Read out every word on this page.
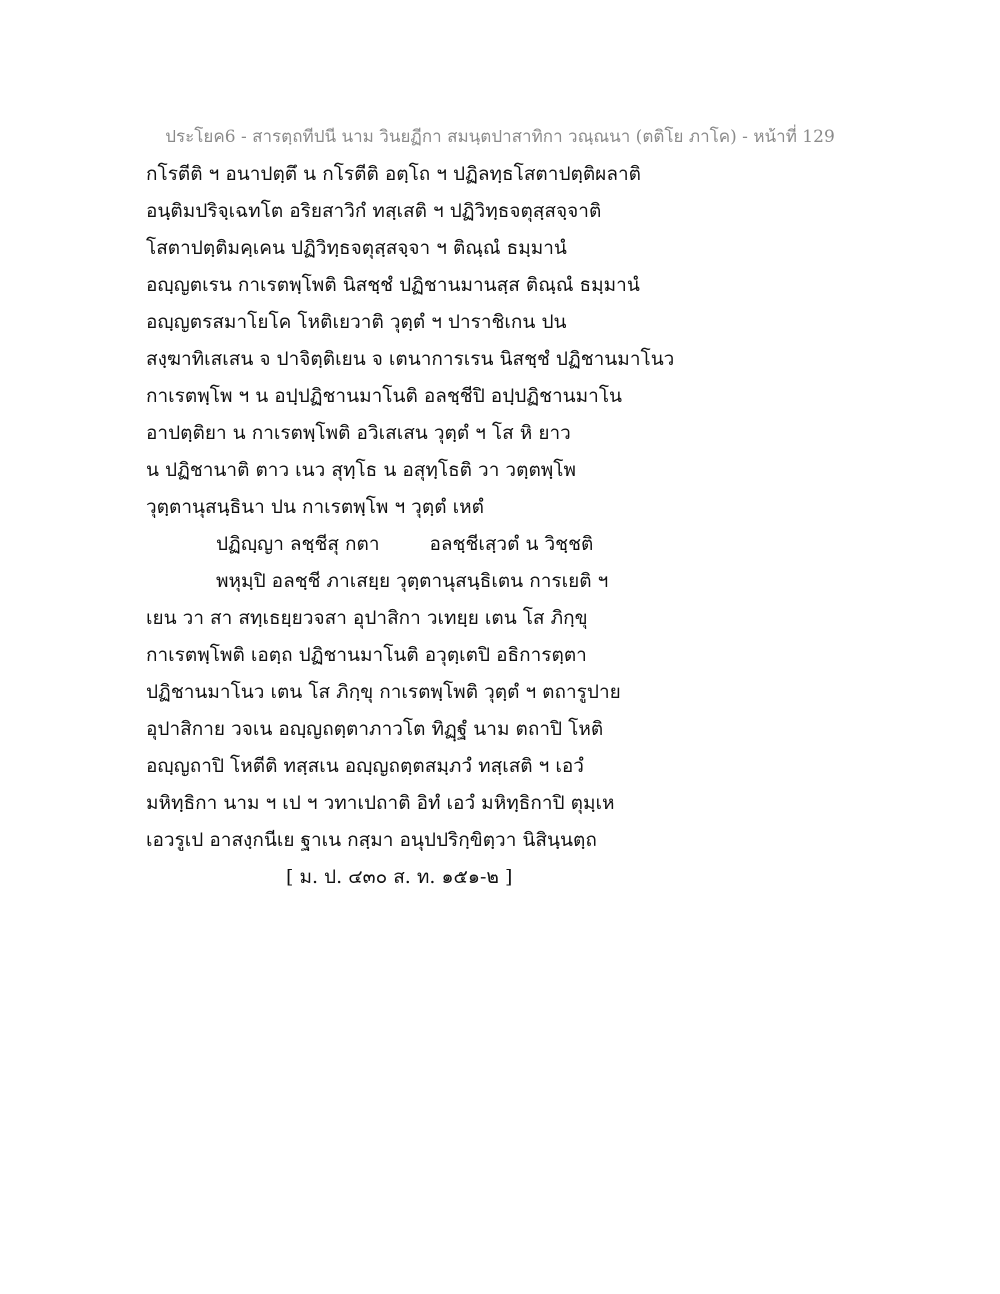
ประโยค6 - สารตฺถทีปนี นาม วินยฏีกา สมนฺตปาสาทิกา วณฺณนา (ตติโย ภาโค) - หน้าที่ 129
กโรตีติ ฯ อนาปตฺตึ น กโรตีติ อตฺโถ ฯ ปฏิลทฺธโสตาปตฺติผลาติ
อนฺติมปริจฺเฉทโต อริยสาวิกํ ทสฺเสติ ฯ ปฏิวิทฺธจตุสฺสจฺจาติ
โสตาปตฺติมคฺเคน ปฏิวิทฺธจตุสฺสจฺจา ฯ ติณฺณํ ธมฺมานํ
อญฺญตเรน กาเรตพฺโพติ นิสชฺชํ ปฏิชานมานสฺส ติณฺณํ ธมฺมานํ
อญฺญตรสมาโยโค โหติเยวาติ วุตฺตํ ฯ ปาราชิเกน ปน
สงฺฆาทิเสเสน จ ปาจิตฺติเยน จ เตนาการเรน นิสชฺชํ ปฏิชานมาโนว
กาเรตพฺโพ ฯ น อปฺปฏิชานมาโนติ อลชฺชีปิ อปฺปฏิชานมาโน
อาปตฺติยา น กาเรตพฺโพติ อวิเสเสน วุตฺตํ ฯ โส หิ ยาว
น ปฏิชานาติ ตาว เนว สุทฺโธ น อสุทฺโธติ วา วตฺตพฺโพ
วุตฺตานุสนฺธินา ปน กาเรตพฺโพ ฯ วุตฺตํ เหตํ
ปฏิญฺญา ลชฺชีสุ กตา	อลชฺชีเสฺวตํ น วิชฺชติ
พหุมฺปิ อลชฺชี ภาเสยฺย วุตฺตานุสนฺธิเตน การเยติ ฯ
เยน วา สา สทฺเธยฺยวจสา อุปาสิกา วเทยฺย เตน โส ภิกฺขุ
กาเรตพฺโพติ เอตฺถ ปฏิชานมาโนติ อวุตฺเตปิ อธิการตฺตา
ปฏิชานมาโนว เตน โส ภิกฺขุ กาเรตพฺโพติ วุตฺตํ ฯ ตถารูปาย
อุปาสิกาย วจเน อญฺญถตฺตาภาวโต ทิฏฺฐํ นาม ตถาปิ โหติ
อญฺญถาปิ โหตีติ ทสฺสเน อญฺญถตฺตสมฺภวํ ทสฺเสติ ฯ เอวํ
มหิทฺธิกา นาม ฯ เป ฯ วทาเปถาติ อิทํ เอวํ มหิทฺธิกาปิ ตุมฺเห
เอวรูเป อาสงฺกนีเย ฐาเน กสฺมา อนุปปริกฺขิตฺวา นิสินฺนตฺถ
[ ม. ป. ๔๓๐ ส. ท. ๑๕๑-๒ ]
